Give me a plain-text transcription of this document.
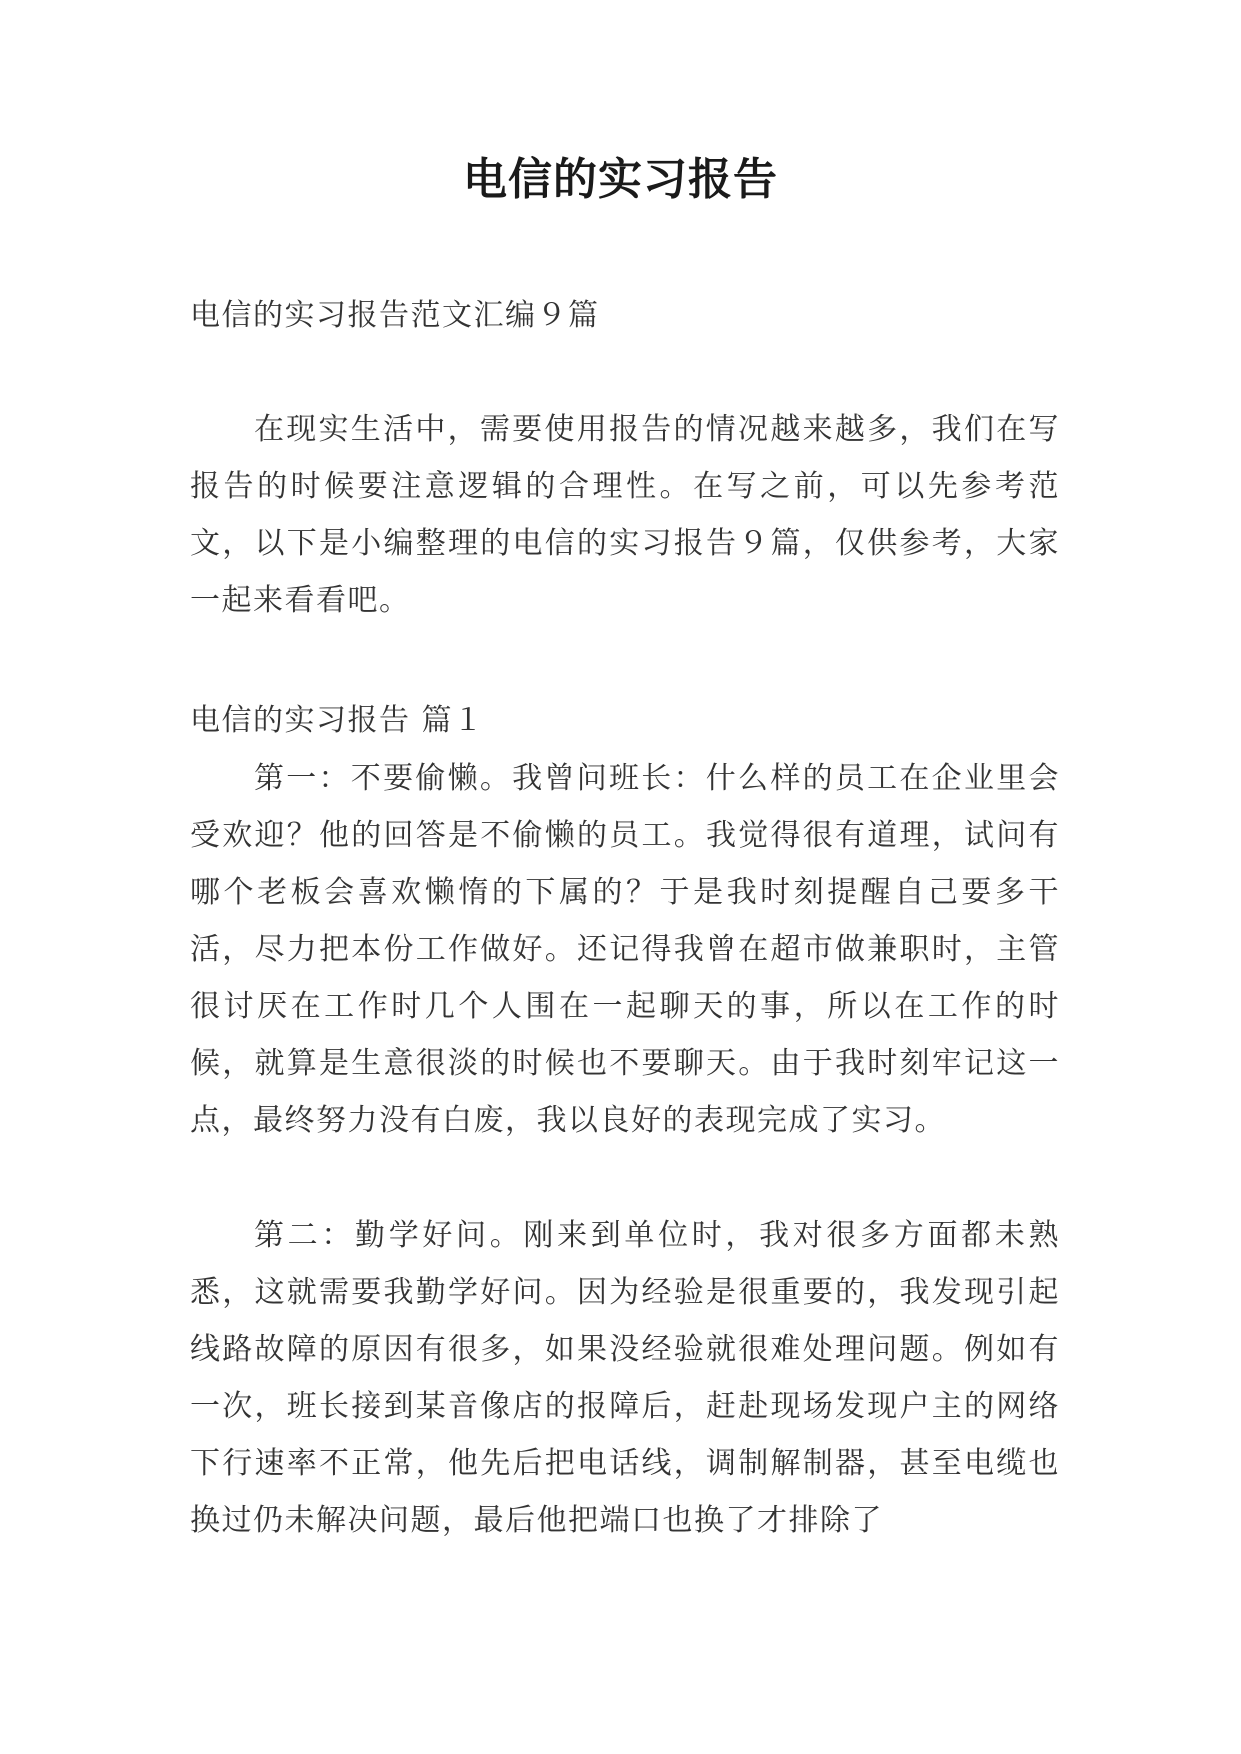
电信的实习报告

电信的实习报告范文汇编９篇

在现实生活中，需要使用报告的情况越来越多，我们在写报告的时候要注意逻辑的合理性。在写之前，可以先参考范文，以下是小编整理的电信的实习报告９篇，仅供参考，大家一起来看看吧。

电信的实习报告 篇１

第一：不要偷懒。我曾问班长：什么样的员工在企业里会受欢迎？他的回答是不偷懒的员工。我觉得很有道理，试问有哪个老板会喜欢懒惰的下属的？于是我时刻提醒自己要多干活，尽力把本份工作做好。还记得我曾在超市做兼职时，主管很讨厌在工作时几个人围在一起聊天的事，所以在工作的时候，就算是生意很淡的时候也不要聊天。由于我时刻牢记这一点，最终努力没有白废，我以良好的表现完成了实习。

第二：勤学好问。刚来到单位时，我对很多方面都未熟悉，这就需要我勤学好问。因为经验是很重要的，我发现引起线路故障的原因有很多，如果没经验就很难处理问题。例如有一次，班长接到某音像店的报障后，赶赴现场发现户主的网络下行速率不正常，他先后把电话线，调制解制器，甚至电缆也换过仍未解决问题，最后他把端口也换了才排除了
